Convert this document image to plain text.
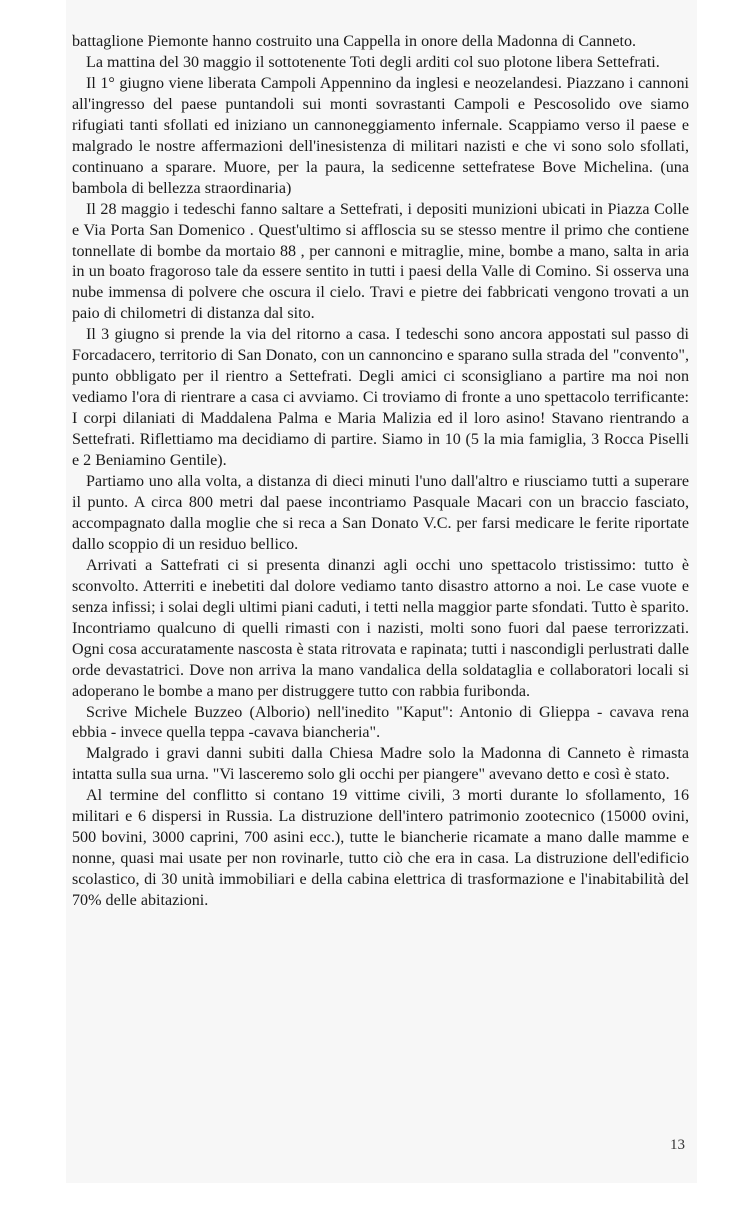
battaglione Piemonte hanno costruito una Cappella in onore della Madonna di Canneto.

La mattina del 30 maggio il sottotenente Toti degli arditi col suo plotone libera Settefrati.

Il 1° giugno viene liberata Campoli Appennino da inglesi e neozelandesi. Piazzano i cannoni all'ingresso del paese puntandoli sui monti sovrastanti Campoli e Pescosolido ove siamo rifugiati tanti sfollati ed iniziano un cannoneggiamento infernale. Scappiamo verso il paese e malgrado le nostre affermazioni dell'inesistenza di militari nazisti e che vi sono solo sfollati, continuano a sparare. Muore, per la paura, la sedicenne settefratese Bove Michelina. (una bambola di bellezza straordinaria)

Il 28 maggio i tedeschi fanno saltare a Settefrati, i depositi munizioni ubicati in Piazza Colle e Via Porta San Domenico . Quest'ultimo si affloscia su se stesso mentre il primo che contiene tonnellate di bombe da mortaio 88 , per cannoni e mitraglie, mine, bombe a mano, salta in aria in un boato fragoroso tale da essere sentito in tutti i paesi della Valle di Comino. Si osserva una nube immensa di polvere che oscura il cielo. Travi e pietre dei fabbricati vengono trovati a un paio di chilometri di distanza dal sito.

Il 3 giugno si prende la via del ritorno a casa. I tedeschi sono ancora appostati sul passo di Forcadacero, territorio di San Donato, con un cannoncino e sparano sulla strada del "convento", punto obbligato per il rientro a Settefrati. Degli amici ci sconsigliano a partire ma noi non vediamo l'ora di rientrare a casa ci avviamo. Ci troviamo di fronte a uno spettacolo terrificante: I corpi dilaniati di Maddalena Palma e Maria Malizia ed il loro asino! Stavano rientrando a Settefrati. Riflettiamo ma decidiamo di partire. Siamo in 10 (5 la mia famiglia, 3 Rocca Piselli e 2 Beniamino Gentile).

Partiamo uno alla volta, a distanza di dieci minuti l'uno dall'altro e riusciamo tutti a superare il punto. A circa 800 metri dal paese incontriamo Pasquale Macari con un braccio fasciato, accompagnato dalla moglie che si reca a San Donato V.C. per farsi medicare le ferite riportate dallo scoppio di un residuo bellico.

Arrivati a Sattefrati ci si presenta dinanzi agli occhi uno spettacolo tristissimo: tutto è sconvolto. Atterriti e inebetiti dal dolore vediamo tanto disastro attorno a noi. Le case vuote e senza infissi; i solai degli ultimi piani caduti, i tetti nella maggior parte sfondati. Tutto è sparito. Incontriamo qualcuno di quelli rimasti con i nazisti, molti sono fuori dal paese terrorizzati. Ogni cosa accuratamente nascosta è stata ritrovata e rapinata; tutti i nascondigli perlustrati dalle orde devastatrici. Dove non arriva la mano vandalica della soldataglia e collaboratori locali si adoperano le bombe a mano per distruggere tutto con rabbia furibonda.

Scrive Michele Buzzeo (Alborio) nell'inedito "Kaput": Antonio di Glieppa - cavava rena ebbia - invece quella teppa -cavava biancheria".

Malgrado i gravi danni subiti dalla Chiesa Madre solo la Madonna di Canneto è rimasta intatta sulla sua urna. "Vi lasceremo solo gli occhi per piangere" avevano detto e così è stato.

Al termine del conflitto si contano 19 vittime civili, 3 morti durante lo sfollamento, 16 militari e 6 dispersi in Russia. La distruzione dell'intero patrimonio zootecnico (15000 ovini, 500 bovini, 3000 caprini, 700 asini ecc.), tutte le biancherie ricamate a mano dalle mamme e nonne, quasi mai usate per non rovinarle, tutto ciò che era in casa. La distruzione dell'edificio scolastico, di 30 unità immobiliari e della cabina elettrica di trasformazione e l'inabitabilità del 70% delle abitazioni.

13
